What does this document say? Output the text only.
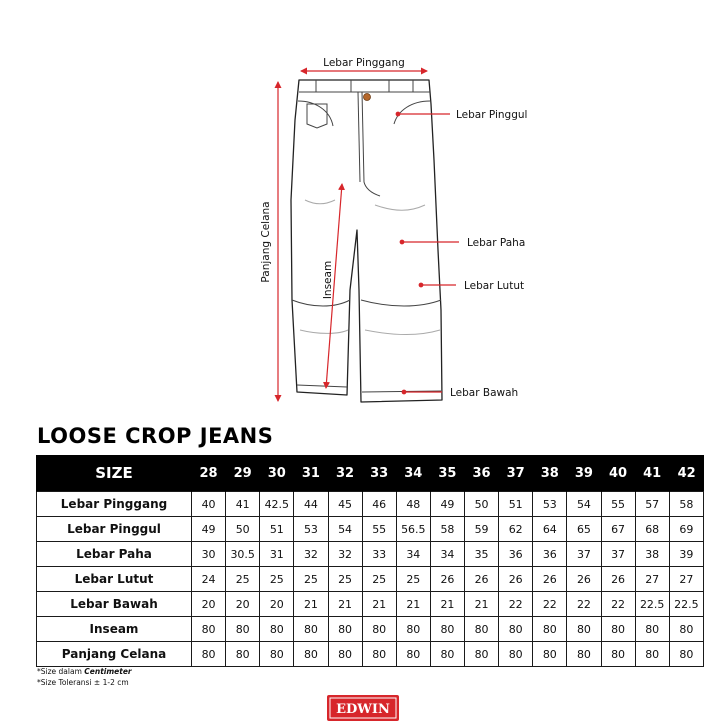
Lebar Pinggang
Lebar Pinggul
Lebar Paha
Lebar Lutut
Lebar Bawah
Panjang Celana	Inseam
LOOSE CROP JEANS
SIZE	28	29	30	31	32	33	34	35	36	37	38	39	40	41	42
Lebar Pinggang	40	41	42.5	44	45	46	48	49	50	51	53	54	55	57	58
Lebar Pinggul	49	50	51	53	54	55	56.5	58	59	62	64	65	67	68	69
Lebar Paha	30	30.5	31	32	32	33	34	34	35	36	36	37	37	38	39
Lebar Lutut	24	25	25	25	25	25	25	26	26	26	26	26	26	27	27
Lebar Bawah	20	20	20	21	21	21	21	21	21	22	22	22	22	22.5	22.5
Inseam	80	80	80	80	80	80	80	80	80	80	80	80	80	80	80
Panjang Celana	80	80	80	80	80	80	80	80	80	80	80	80	80	80	80
*Size dalam Centimeter
*Size Toleransi ± 1-2 cm
EDWIN
